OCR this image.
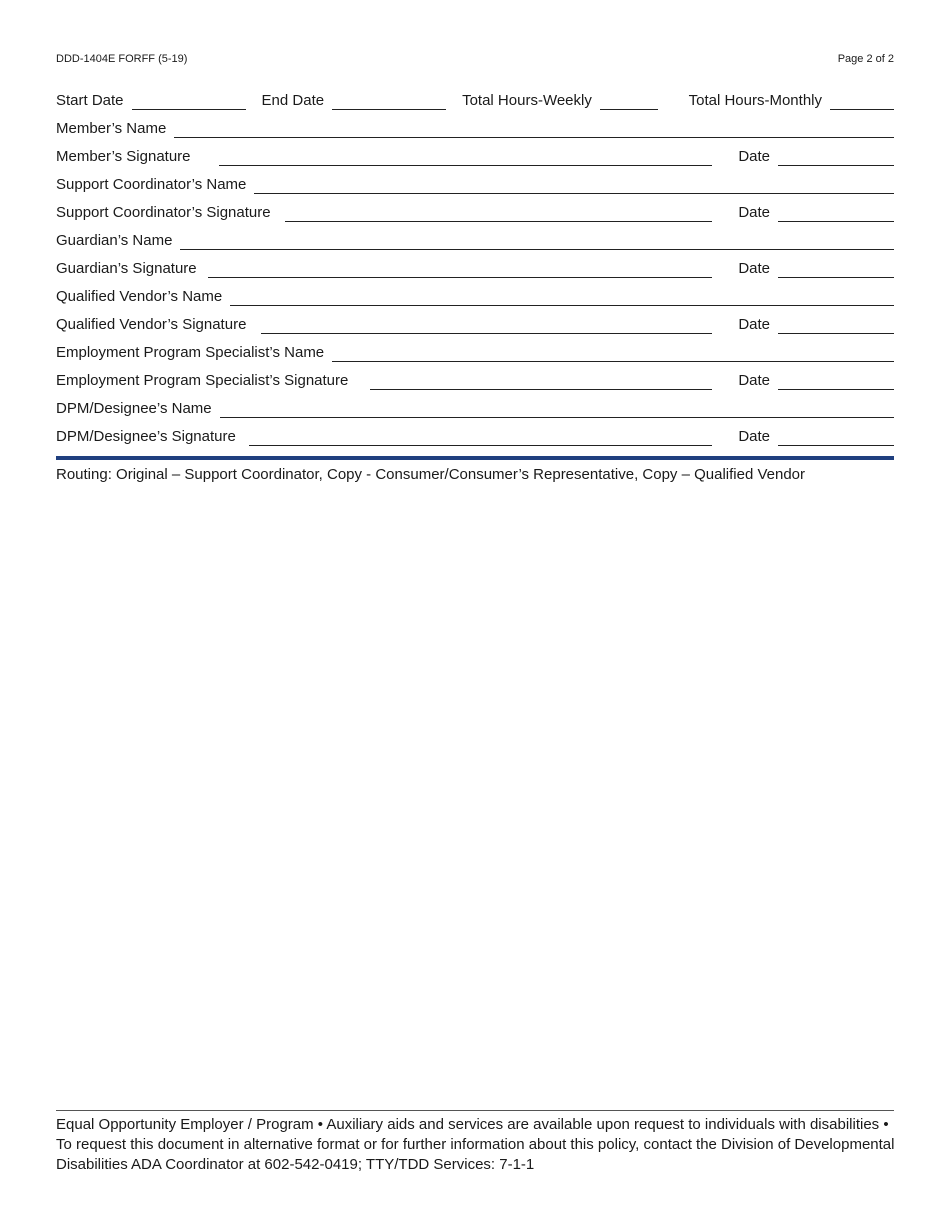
DDD-1404E FORFF (5-19)	Page 2 of 2
Start Date	End Date	Total Hours-Weekly	Total Hours-Monthly
Member’s Name
Member’s Signature	Date
Support Coordinator’s Name
Support Coordinator’s Signature	Date
Guardian’s Name
Guardian’s Signature	Date
Qualified Vendor’s Name
Qualified Vendor’s Signature	Date
Employment Program Specialist’s Name
Employment Program Specialist’s Signature	Date
DPM/Designee’s Name
DPM/Designee’s Signature	Date
Routing: Original – Support Coordinator, Copy - Consumer/Consumer’s Representative, Copy – Qualified Vendor
Equal Opportunity Employer / Program • Auxiliary aids and services are available upon request to individuals with disabilities •
To request this document in alternative format or for further information about this policy, contact the Division of Developmental
Disabilities ADA Coordinator at 602-542-0419; TTY/TDD Services: 7-1-1
